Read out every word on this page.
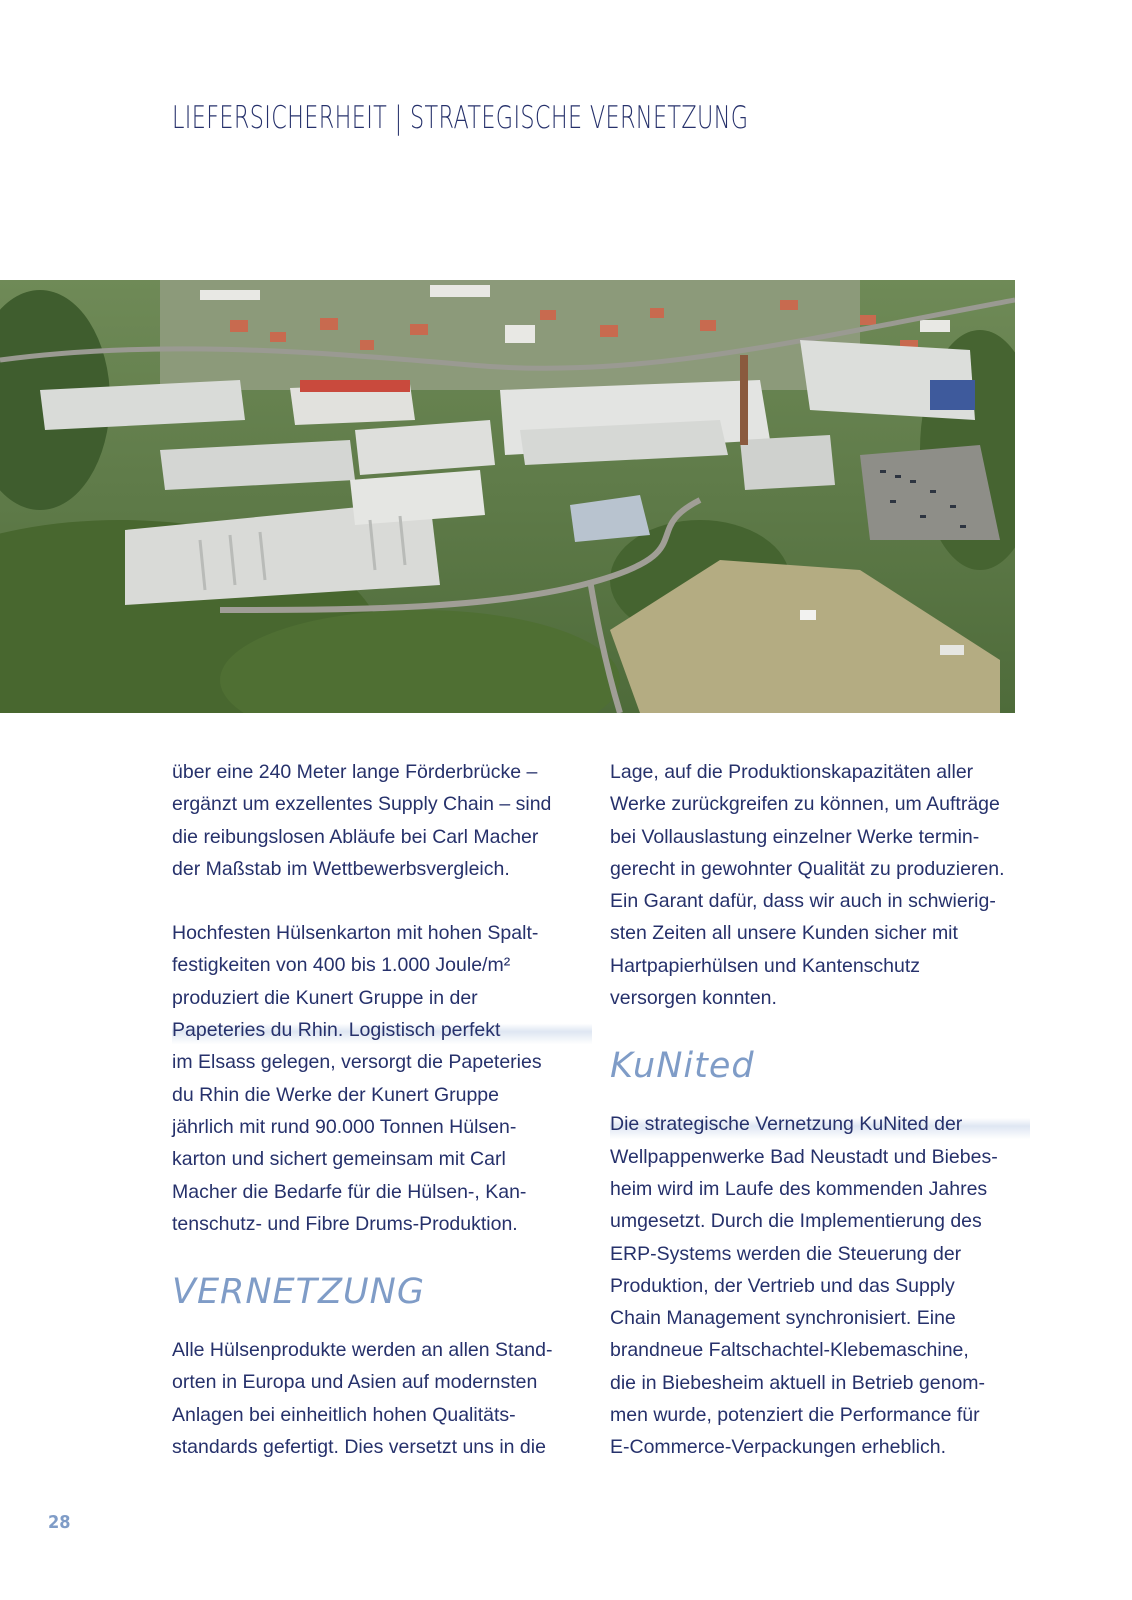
LIEFERSICHERHEIT | STRATEGISCHE VERNETZUNG

über eine 240 Meter lange Förderbrücke –

ergänzt um exzellentes Supply Chain – sind

die reibungslosen Abläufe bei Carl Macher

der Maßstab im Wettbewerbsvergleich.

Hochfesten Hülsenkarton mit hohen Spalt-

festigkeiten von 400 bis 1.000 Joule/m²

produziert die Kunert Gruppe in der

Papeteries du Rhin. Logistisch perfekt

im Elsass gelegen, versorgt die Papeteries

du Rhin die Werke der Kunert Gruppe

jährlich mit rund 90.000 Tonnen Hülsen-

karton und sichert gemeinsam mit Carl

Macher die Bedarfe für die Hülsen-, Kan-

tenschutz- und Fibre Drums-Produktion.

VERNETZUNG

Alle Hülsenprodukte werden an allen Stand-

orten in Europa und Asien auf modernsten

Anlagen bei einheitlich hohen Qualitäts-

standards gefertigt. Dies versetzt uns in die

Lage, auf die Produktionskapazitäten aller

Werke zurückgreifen zu können, um Aufträge

bei Vollauslastung einzelner Werke termin-

gerecht in gewohnter Qualität zu produzieren.

Ein Garant dafür, dass wir auch in schwierig-

sten Zeiten all unsere Kunden sicher mit

Hartpapierhülsen und Kantenschutz

versorgen konnten.

KuNited

Die strategische Vernetzung KuNited der

Wellpappenwerke Bad Neustadt und Biebes-

heim wird im Laufe des kommenden Jahres

umgesetzt. Durch die Implementierung des

ERP-Systems werden die Steuerung der

Produktion, der Vertrieb und das Supply

Chain Management synchronisiert. Eine

brandneue Faltschachtel-Klebemaschine,

die in Biebesheim aktuell in Betrieb genom-

men wurde, potenziert die Performance für

E-Commerce-Verpackungen erheblich.

28
